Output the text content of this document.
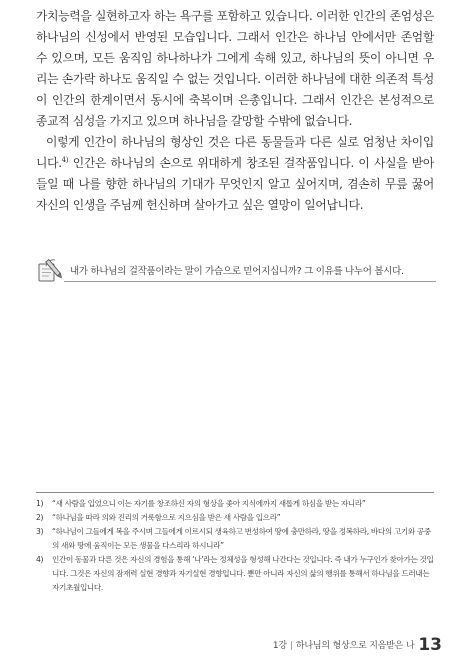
가치능력을 실현하고자 하는 욕구를 포함하고 있습니다. 이러한 인간의 존엄성은 하나님의 신성에서 반영된 모습입니다. 그래서 인간은 하나님 안에서만 존엄할 수 있으며, 모든 움직임 하나하나가 그에게 속해 있고, 하나님의 뜻이 아니면 우리는 손가락 하나도 움직일 수 없는 것입니다. 이러한 하나님에 대한 의존적 특성이 인간의 한계이면서 동시에 축복이며 은총입니다. 그래서 인간은 본성적으로 종교적 심성을 가지고 있으며 하나님을 갈망할 수밖에 없습니다.

이렇게 인간이 하나님의 형상인 것은 다른 동물들과 다른 실로 엄청난 차이입니다.$^{4)}$ 인간은 하나님의 손으로 위대하게 창조된 걸작품입니다. 이 사실을 받아들일 때 나를 향한 하나님의 기대가 무엇인지 알고 싶어지며, 겸손히 무릎 꿇어 자신의 인생을 주님께 헌신하며 살아가고 싶은 열망이 일어납니다.

내가 하나님의 걸작품이라는 말이 가슴으로 믿어지십니까? 그 이유를 나누어 봅시다.
1) “새 사람을 입었으니 이는 자기를 창조하신 자의 형상을 좇아 지식에까지 새롭게 하심을 받는 자니라”
2) “하나님을 따라 의와 진리의 거룩함으로 지으심을 받은 새 사람을 입으라”
3) “하나님이 그들에게 복을 주시며 그들에게 이르시되 생육하고 번성하여 땅에 충만하라, 땅을 정복하라, 바다의 고기와 공중의 새와 땅에 움직이는 모든 생물을 다스리라 하시니라”
4) 인간이 동물과 다른 것은 자신의 경험을 통해 ‘나’라는 정체성을 형성해 나간다는 것입니다. 즉 내가 누구인가 찾아가는 것입니다. 그것은 자신의 잠재력 실현 경향과 자기실현 경향입니다. 뿐만 아니라 자신의 삶의 행위를 통해서 하나님을 드러내는 자기초월입니다.
1강 | 하나님의 형상으로 지음받은 나 13
